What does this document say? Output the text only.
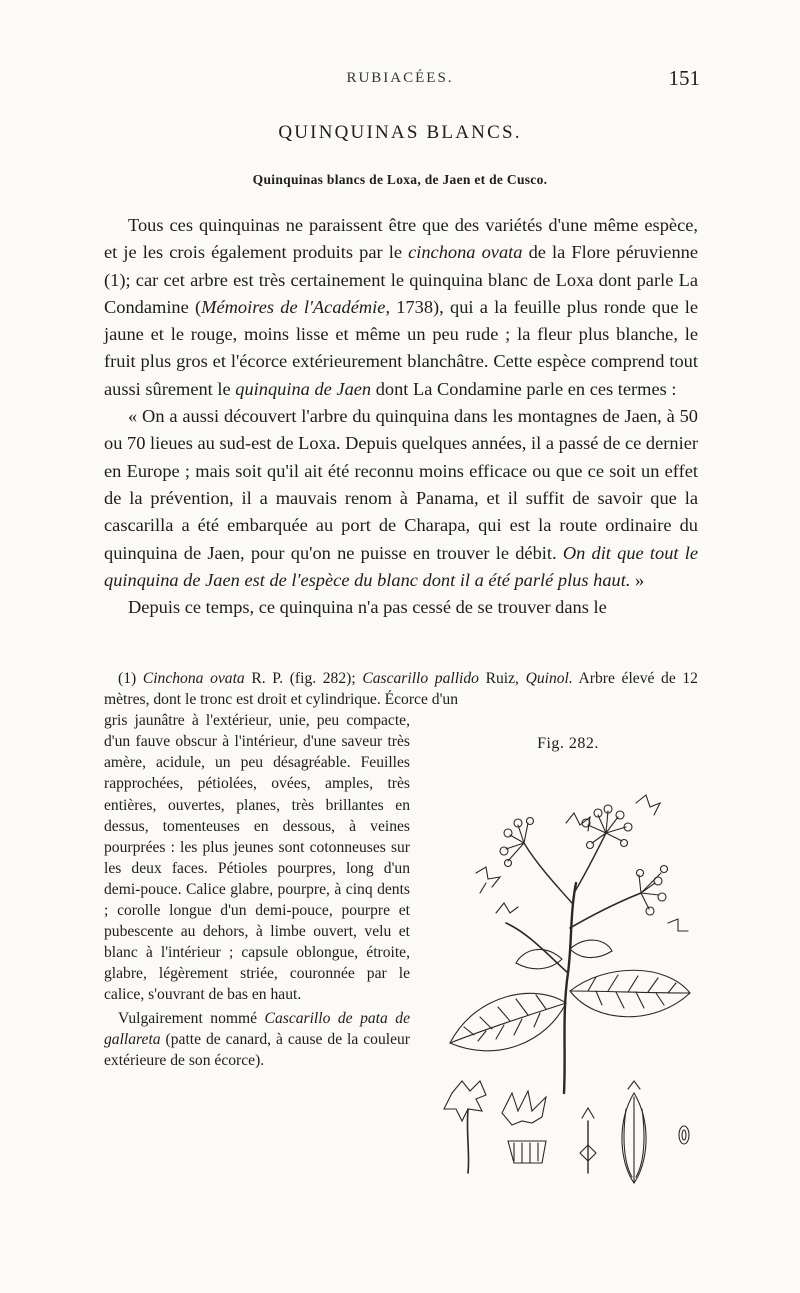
RUBIACÉES.	151
QUINQUINAS BLANCS.
Quinquinas blancs de Loxa, de Jaen et de Cusco.

Tous ces quinquinas ne paraissent être que des variétés d'une même espèce, et je les crois également produits par le cinchona ovata de la Flore péruvienne (1); car cet arbre est très certainement le quinquina blanc de Loxa dont parle La Condamine (Mémoires de l'Académie, 1738), qui a la feuille plus ronde que le jaune et le rouge, moins lisse et même un peu rude ; la fleur plus blanche, le fruit plus gros et l'écorce extérieurement blanchâtre. Cette espèce comprend tout aussi sûrement le quinquina de Jaen dont La Condamine parle en ces termes :

« On a aussi découvert l'arbre du quinquina dans les montagnes de Jaen, à 50 ou 70 lieues au sud-est de Loxa. Depuis quelques années, il a passé de ce dernier en Europe ; mais soit qu'il ait été reconnu moins efficace ou que ce soit un effet de la prévention, il a mauvais renom à Panama, et il suffit de savoir que la cascarilla a été embarquée au port de Charapa, qui est la route ordinaire du quinquina de Jaen, pour qu'on ne puisse en trouver le débit. On dit que tout le quinquina de Jaen est de l'espèce du blanc dont il a été parlé plus haut. »

Depuis ce temps, ce quinquina n'a pas cessé de se trouver dans le

(1) Cinchona ovata R. P. (fig. 282); Cascarillo pallido Ruiz, Quinol. Arbre élevé de 12 mètres, dont le tronc est droit et cylindrique. Écorce d'un

gris jaunâtre à l'extérieur, unie, peu compacte, d'un fauve obscur à l'intérieur, d'une saveur très amère, acidule, un peu désagréable. Feuilles rapprochées, pétiolées, ovées, amples, très entières, ouvertes, planes, très brillantes en dessus, tomenteuses en dessous, à veines pourprées : les plus jeunes sont cotonneuses sur les deux faces. Pétioles pourpres, long d'un demi-pouce. Calice glabre, pourpre, à cinq dents ; corolle longue d'un demi-pouce, pourpre et pubescente au dehors, à limbe ouvert, velu et blanc à l'intérieur ; capsule oblongue, étroite, glabre, légèrement striée, couronnée par le calice, s'ouvrant de bas en haut.

Vulgairement nommé Cascarillo de pata de gallareta (patte de canard, à cause de la couleur extérieure de son écorce).

Fig. 282.
